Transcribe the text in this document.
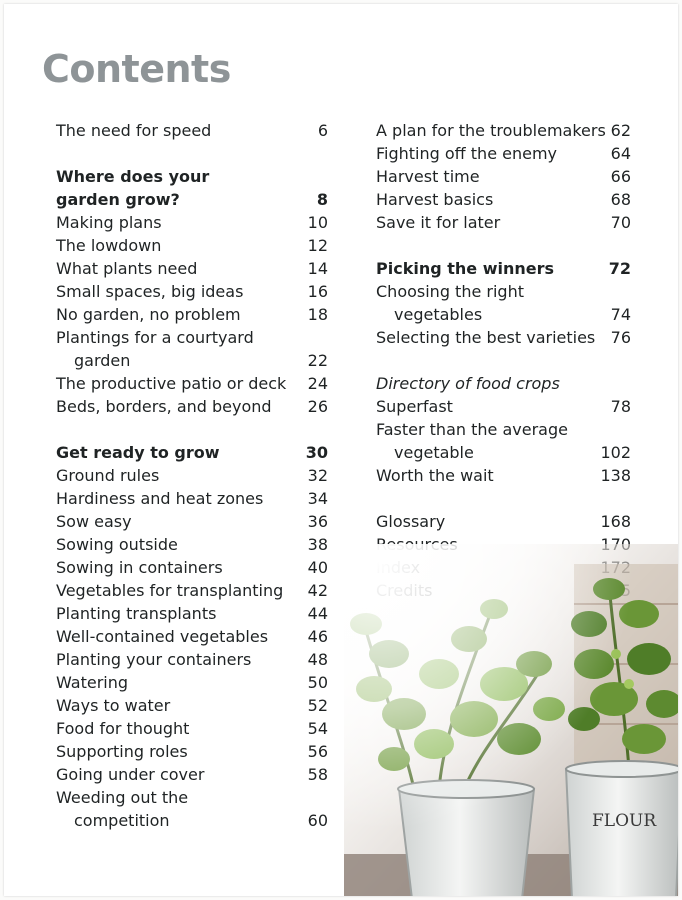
Contents
The need for speed	6
Where does your
garden grow?	8
Making plans	10
The lowdown	12
What plants need	14
Small spaces, big ideas	16
No garden, no problem	18
Plantings for a courtyard
garden	22
The productive patio or deck 24
Beds, borders, and beyond 26
Get ready to grow	30
Ground rules	32
Hardiness and heat zones	34
Sow easy	36
Sowing outside	38
Sowing in containers	40
Vegetables for transplanting 42
Planting transplants	44
Well-contained vegetables 46
Planting your containers	48
Watering	50
Ways to water	52
Food for thought	54
Supporting roles	56
Going under cover	58
Weeding out the
competition	60
A plan for the troublemakers 62
Fighting off the enemy	64
Harvest time	66
Harvest basics	68
Save it for later	70
Picking the winners	72
Choosing the right
vegetables	74
Selecting the best varieties 76
Directory of food crops
Superfast	78
Faster than the average
vegetable	102
Worth the wait	138
Glossary	168
